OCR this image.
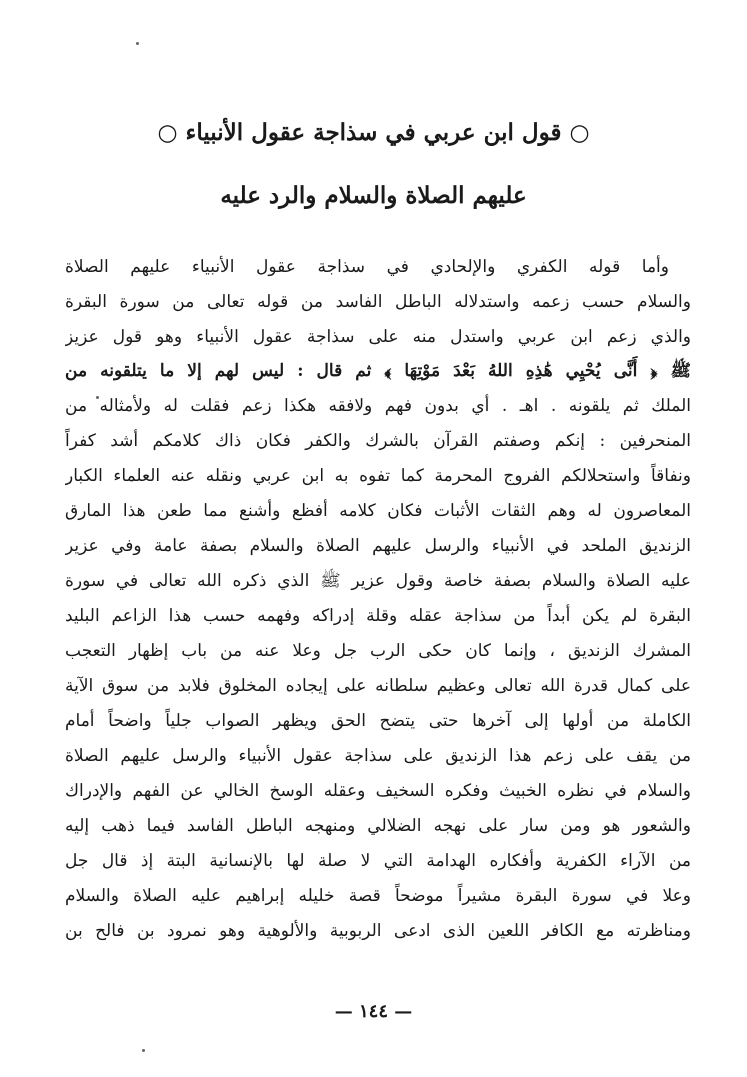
○ قول ابن عربي في سذاجة عقول الأنبياء ○
عليهم الصلاة والسلام والرد عليه
وأما قوله الكفري والإلحادي في سذاجة عقول الأنبياء عليهم الصلاة
والسلام حسب زعمه واستدلاله الباطل الفاسد من قوله تعالى من سورة البقرة
والذي زعم ابن عربي واستدل منه على سذاجة عقول الأنبياء وهو قول عزيز
ﷺ ﴿ أَنَّى يُحْيِي هَٰذِهِ اللهُ بَعْدَ مَوْتِهَا ﴾ ثم قال : ليس لهم إلا ما يتلقونه من
الملك ثم يلقونه . اهـ . أي بدون فهم ولافقه هكذا زعم فقلت له ولأمثاله من
المنحرفين : إنكم وصفتم القرآن بالشرك والكفر فكان ذاك كلامكم أشد كفراً
ونفاقاً واستحلالكم الفروج المحرمة كما تفوه به ابن عربي ونقله عنه العلماء الكبار
المعاصرون له وهم الثقات الأثبات فكان كلامه أفظع وأشنع مما طعن هذا المارق
الزنديق الملحد في الأنبياء والرسل عليهم الصلاة والسلام بصفة عامة وفي عزير
عليه الصلاة والسلام بصفة خاصة وقول عزير ﷺ الذي ذكره الله تعالى في سورة
البقرة لم يكن أبداً من سذاجة عقله وقلة إدراكه وفهمه حسب هذا الزاعم البليد
المشرك الزنديق ، وإنما كان حكى الرب جل وعلا عنه من باب إظهار التعجب
على كمال قدرة الله تعالى وعظيم سلطانه على إيجاده المخلوق فلابد من سوق الآية
الكاملة من أولها إلى آخرها حتى يتضح الحق ويظهر الصواب جلياً واضحاً أمام
من يقف على زعم هذا الزنديق على سذاجة عقول الأنبياء والرسل عليهم الصلاة
والسلام في نظره الخبيث وفكره السخيف وعقله الوسخ الخالي عن الفهم والإدراك
والشعور هو ومن سار على نهجه الضلالي ومنهجه الباطل الفاسد فيما ذهب إليه
من الآراء الكفرية وأفكاره الهدامة التي لا صلة لها بالإنسانية البتة إذ قال جل
وعلا في سورة البقرة مشيراً موضحاً قصة خليله إبراهيم عليه الصلاة والسلام
ومناظرته مع الكافر اللعين الذى ادعى الربوبية والألوهية وهو نمرود بن فالح بن
— ١٤٤ —
